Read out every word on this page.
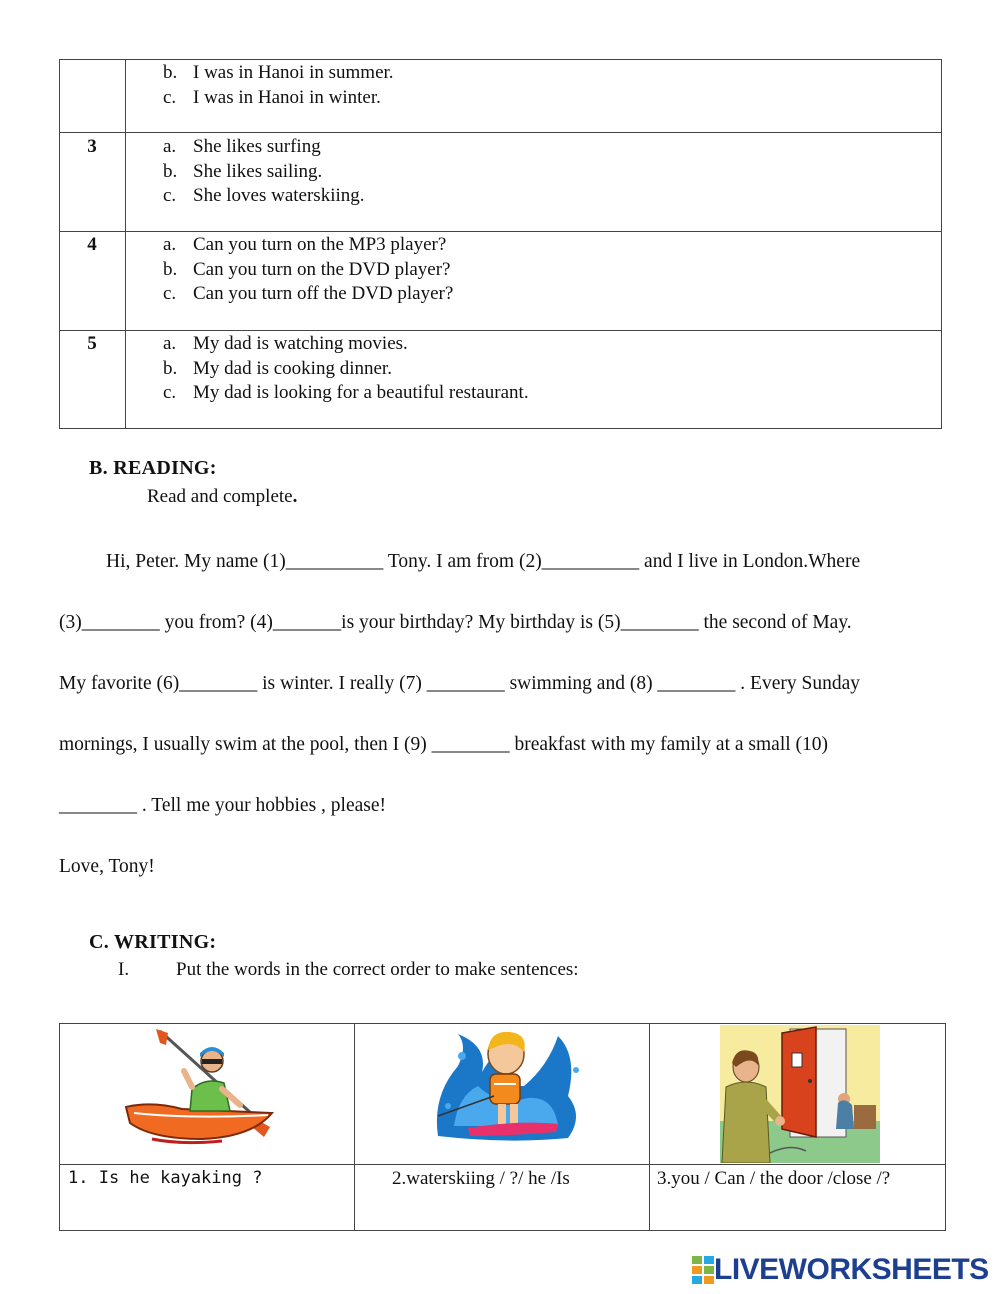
b. I was in Hanoi in summer.
c. I was in Hanoi in winter.
3	a. She likes surfing
b. She likes sailing.
c. She loves waterskiing.
4	a. Can you turn on the MP3 player?
b. Can you turn on the DVD player?
c. Can you turn off the DVD player?
5	a. My dad is watching movies.
b. My dad is cooking dinner.
c. My dad is looking for a beautiful restaurant.
B. READING:
Read and complete.
Hi, Peter. My name (1)__________ Tony. I am from (2)__________ and I live in London.Where
(3)________ you from? (4)_______is your birthday? My birthday is (5)________ the second of May.
My favorite (6)________ is winter. I really (7) ________ swimming and (8) ________ . Every Sunday
mornings, I usually swim at the pool, then I (9) ________ breakfast with my family at a small (10)
________ . Tell me your hobbies , please!
Love, Tony!
C. WRITING:
I. Put the words in the correct order to make sentences:
1. Is he kayaking ?	2.waterskiing / ?/ he /Is	3.you / Can / the door /close /?
LIVEWORKSHEETS
